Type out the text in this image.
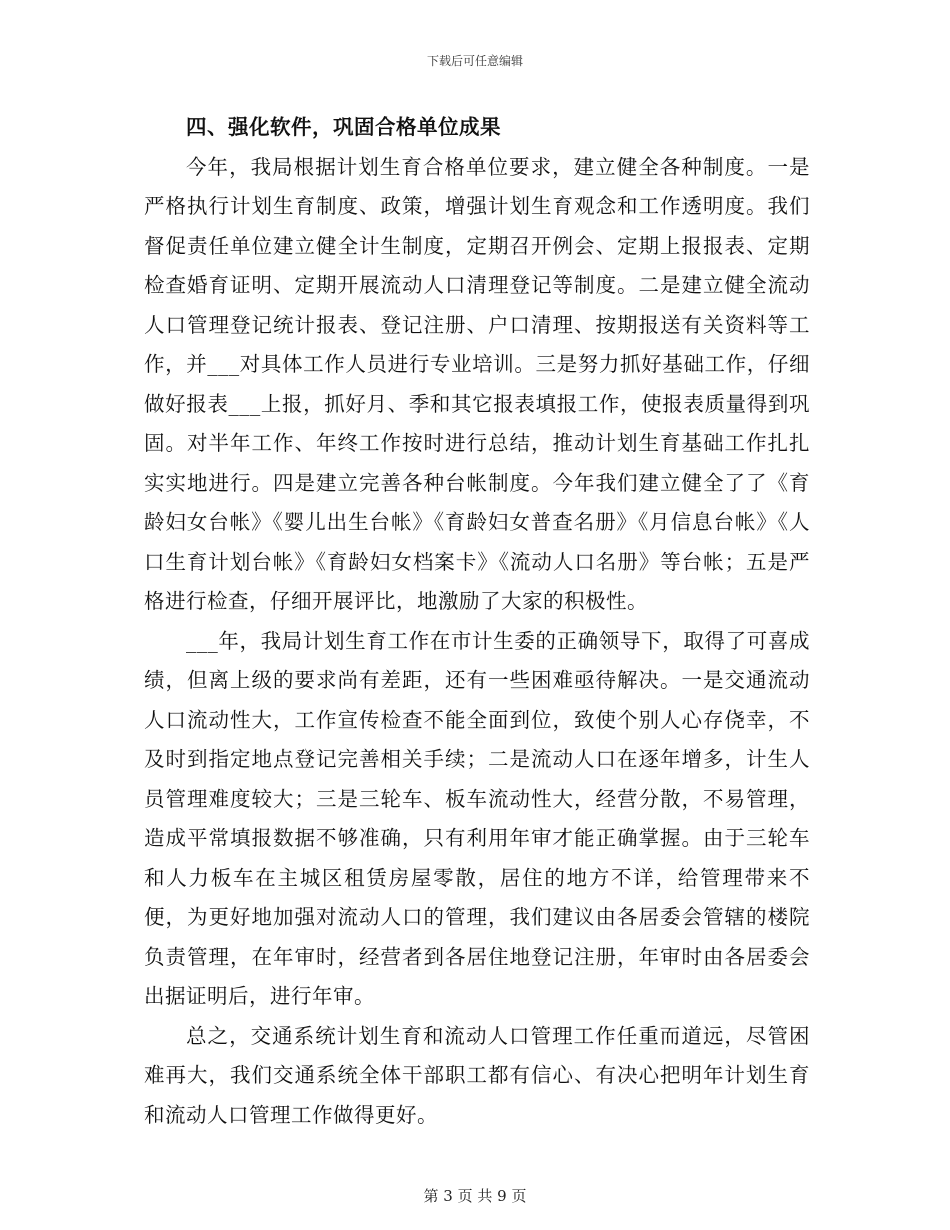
下载后可任意编辑

四、强化软件，巩固合格单位成果

今年，我局根据计划生育合格单位要求，建立健全各种制度。一是严格执行计划生育制度、政策，增强计划生育观念和工作透明度。我们督促责任单位建立健全计生制度，定期召开例会、定期上报报表、定期检查婚育证明、定期开展流动人口清理登记等制度。二是建立健全流动人口管理登记统计报表、登记注册、户口清理、按期报送有关资料等工作，并___对具体工作人员进行专业培训。三是努力抓好基础工作，仔细做好报表___上报，抓好月、季和其它报表填报工作，使报表质量得到巩固。对半年工作、年终工作按时进行总结，推动计划生育基础工作扎扎实实地进行。四是建立完善各种台帐制度。今年我们建立健全了了《育龄妇女台帐》《婴儿出生台帐》《育龄妇女普查名册》《月信息台帐》《人口生育计划台帐》《育龄妇女档案卡》《流动人口名册》等台帐；五是严格进行检查，仔细开展评比，地激励了大家的积极性。

___年，我局计划生育工作在市计生委的正确领导下，取得了可喜成绩，但离上级的要求尚有差距，还有一些困难亟待解决。一是交通流动人口流动性大，工作宣传检查不能全面到位，致使个别人心存侥幸，不及时到指定地点登记完善相关手续；二是流动人口在逐年增多，计生人员管理难度较大；三是三轮车、板车流动性大，经营分散，不易管理，造成平常填报数据不够准确，只有利用年审才能正确掌握。由于三轮车和人力板车在主城区租赁房屋零散，居住的地方不详，给管理带来不便，为更好地加强对流动人口的管理，我们建议由各居委会管辖的楼院负责管理，在年审时，经营者到各居住地登记注册，年审时由各居委会出据证明后，进行年审。

总之，交通系统计划生育和流动人口管理工作任重而道远，尽管困难再大，我们交通系统全体干部职工都有信心、有决心把明年计划生育和流动人口管理工作做得更好。

第 3 页 共 9 页
